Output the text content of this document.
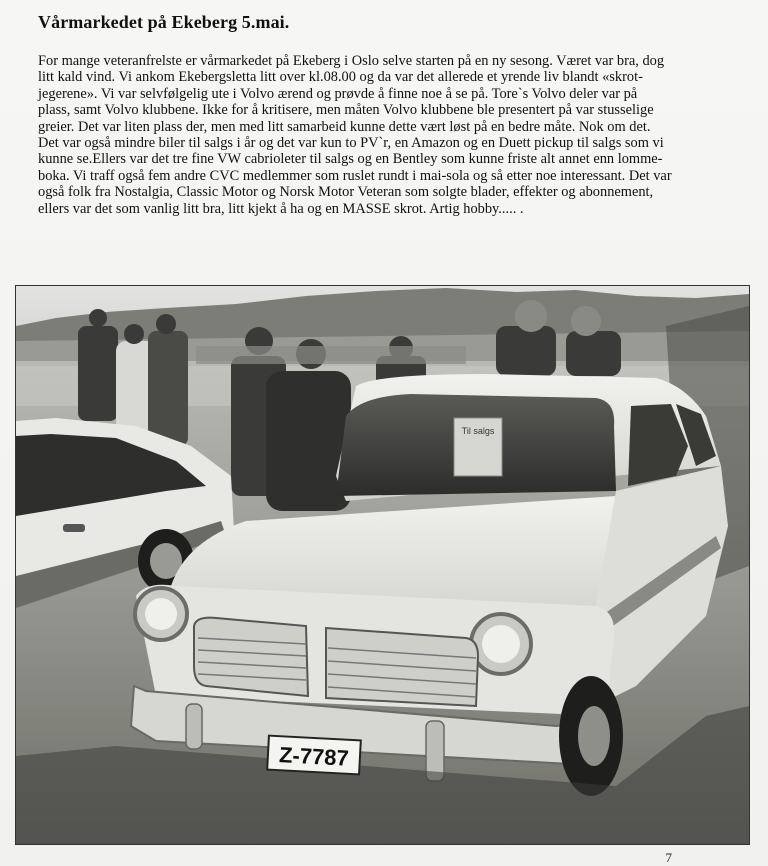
Vårmarkedet på Ekeberg 5.mai.
For mange veteranfrelste er vårmarkedet på Ekeberg i Oslo selve starten på en ny sesong. Været var bra, dog
litt kald vind. Vi ankom Ekebergsletta litt over kl.08.00 og da var det allerede et yrende liv blandt «skrot-
jegerene». Vi var selvfølgelig ute i Volvo ærend og prøvde å finne noe å se på. Tore`s Volvo deler var på
plass, samt Volvo klubbene. Ikke for å kritisere, men måten Volvo klubbene ble presentert på var stusselige
greier. Det var liten plass der, men med litt samarbeid kunne dette vært løst på en bedre måte. Nok om det.
Det var også mindre biler til salgs i år og det var kun to PV`r, en Amazon og en Duett pickup til salgs som vi
kunne se.Ellers var det tre fine VW cabrioleter til salgs og en Bentley som kunne friste alt annet enn lomme-
boka. Vi traff også fem andre CVC medlemmer som ruslet rundt i mai-sola og så etter noe interessant. Det var
også folk fra Nostalgia, Classic Motor og Norsk Motor Veteran som solgte blader, effekter og abonnement,
ellers var det som vanlig litt bra, litt kjekt å ha og en MASSE skrot. Artig hobby..... .
Til salgs
Z-7787
7
